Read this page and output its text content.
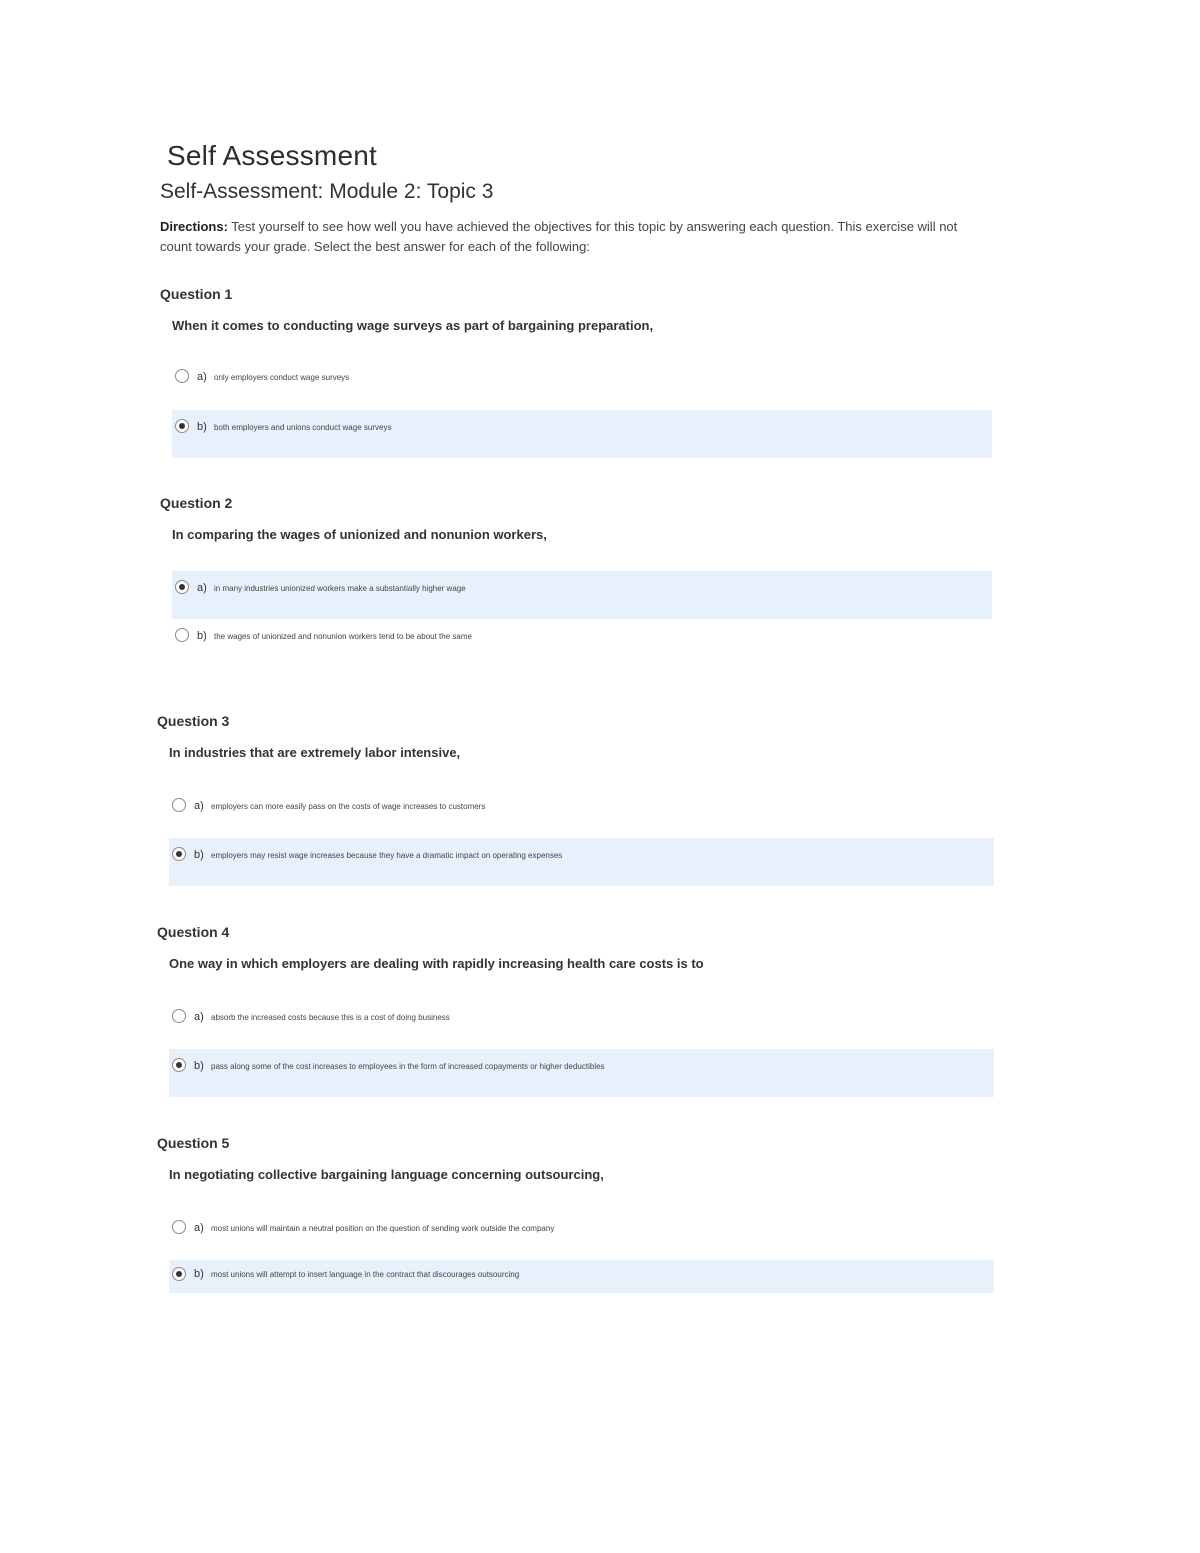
Self Assessment
Self-Assessment: Module 2: Topic 3
Directions: Test yourself to see how well you have achieved the objectives for this topic by answering each question. This exercise will not count towards your grade. Select the best answer for each of the following:

Question 1

When it comes to conducting wage surveys as part of bargaining preparation,

a) only employers conduct wage surveys
b) both employers and unions conduct wage surveys

Question 2

In comparing the wages of unionized and nonunion workers,

a) in many industries unionized workers make a substantially higher wage
b) the wages of unionized and nonunion workers tend to be about the same

Question 3

In industries that are extremely labor intensive,

a) employers can more easily pass on the costs of wage increases to customers
b) employers may resist wage increases because they have a dramatic impact on operating expenses

Question 4

One way in which employers are dealing with rapidly increasing health care costs is to

a) absorb the increased costs because this is a cost of doing business
b) pass along some of the cost increases to employees in the form of increased copayments or higher deductibles

Question 5

In negotiating collective bargaining language concerning outsourcing,

a) most unions will maintain a neutral position on the question of sending work outside the company
b) most unions will attempt to insert language in the contract that discourages outsourcing
